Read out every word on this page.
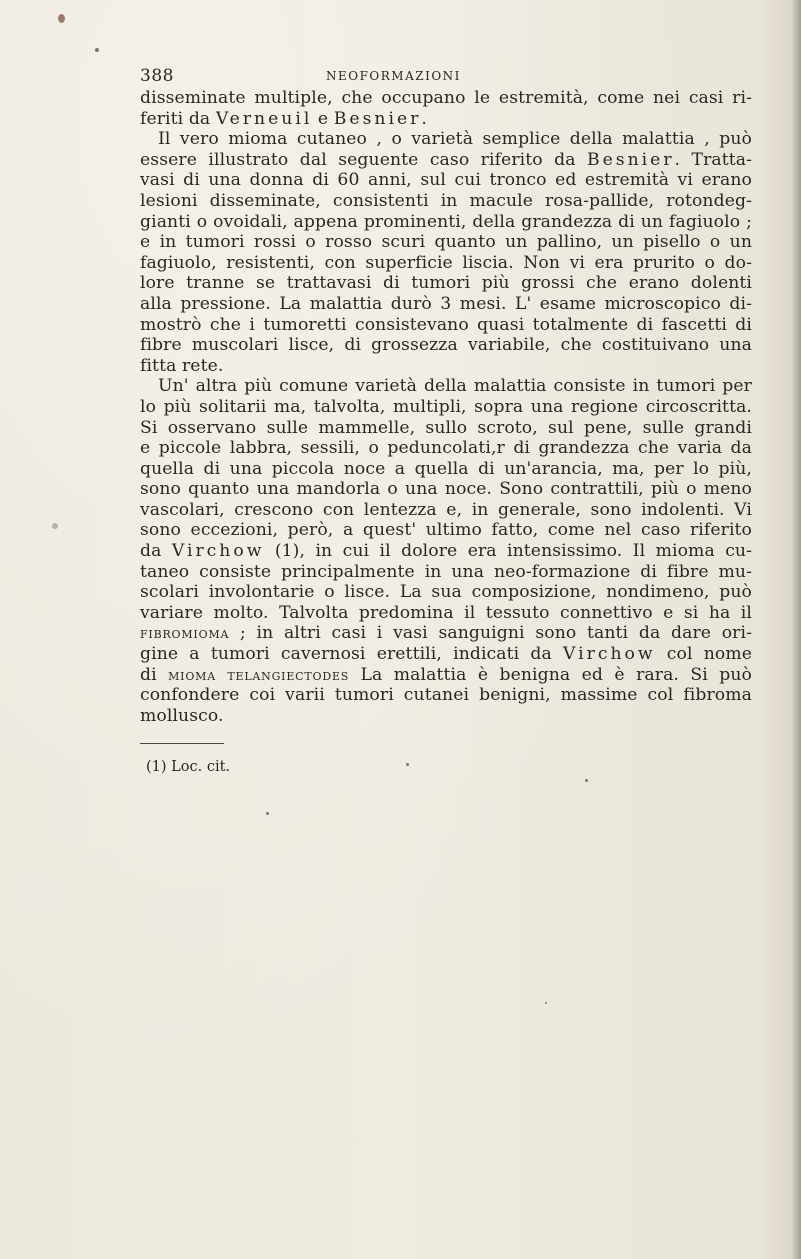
388	NEOFORMAZIONI
disseminate multiple, che occupano le estremità, come nei casi ri-
feriti da Verneuil e Besnier.
Il vero mioma cutaneo , o varietà semplice della malattia , può
essere illustrato dal seguente caso riferito da Besnier. Tratta-
vasi di una donna di 60 anni, sul cui tronco ed estremità vi erano
lesioni disseminate, consistenti in macule rosa-pallide, rotondeg-
gianti o ovoidali, appena prominenti, della grandezza di un fagiuolo ;
e in tumori rossi o rosso scuri quanto un pallino, un pisello o un
fagiuolo, resistenti, con superficie liscia. Non vi era prurito o do-
lore tranne se trattavasi di tumori più grossi che erano dolenti
alla pressione. La malattia durò 3 mesi. L' esame microscopico di-
mostrò che i tumoretti consistevano quasi totalmente di fascetti di
fibre muscolari lisce, di grossezza variabile, che costituivano una
fitta rete.
Un' altra più comune varietà della malattia consiste in tumori per
lo più solitarii ma, talvolta, multipli, sopra una regione circoscritta.
Si osservano sulle mammelle, sullo scroto, sul pene, sulle grandi
e piccole labbra, sessili, o peduncolati,r di grandezza che varia da
quella di una piccola noce a quella di un'arancia, ma, per lo più,
sono quanto una mandorla o una noce. Sono contrattili, più o meno
vascolari, crescono con lentezza e, in generale, sono indolenti. Vi
sono eccezioni, però, a quest' ultimo fatto, come nel caso riferito
da Virchow (1), in cui il dolore era intensissimo. Il mioma cu-
taneo consiste principalmente in una neo-formazione di fibre mu-
scolari involontarie o lisce. La sua composizione, nondimeno, può
variare molto. Talvolta predomina il tessuto connettivo e si ha il
fibromioma ; in altri casi i vasi sanguigni sono tanti da dare ori-
gine a tumori cavernosi erettili, indicati da Virchow col nome
di mioma telangiectodes La malattia è benigna ed è rara. Si può
confondere coi varii tumori cutanei benigni, massime col fibroma
mollusco.
(1) Loc. cit.
